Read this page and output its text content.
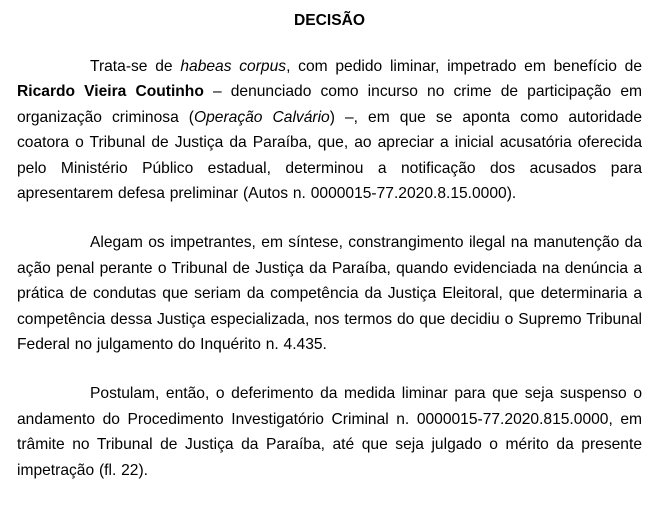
DECISÃO

Trata-se de habeas corpus, com pedido liminar, impetrado em benefício de Ricardo Vieira Coutinho – denunciado como incurso no crime de participação em organização criminosa (Operação Calvário) –, em que se aponta como autoridade coatora o Tribunal de Justiça da Paraíba, que, ao apreciar a inicial acusatória oferecida pelo Ministério Público estadual, determinou a notificação dos acusados para apresentarem defesa preliminar (Autos n. 0000015-77.2020.8.15.0000).

Alegam os impetrantes, em síntese, constrangimento ilegal na manutenção da ação penal perante o Tribunal de Justiça da Paraíba, quando evidenciada na denúncia a prática de condutas que seriam da competência da Justiça Eleitoral, que determinaria a competência dessa Justiça especializada, nos termos do que decidiu o Supremo Tribunal Federal no julgamento do Inquérito n. 4.435.

Postulam, então, o deferimento da medida liminar para que seja suspenso o andamento do Procedimento Investigatório Criminal n. 0000015-77.2020.815.0000, em trâmite no Tribunal de Justiça da Paraíba, até que seja julgado o mérito da presente impetração (fl. 22).
